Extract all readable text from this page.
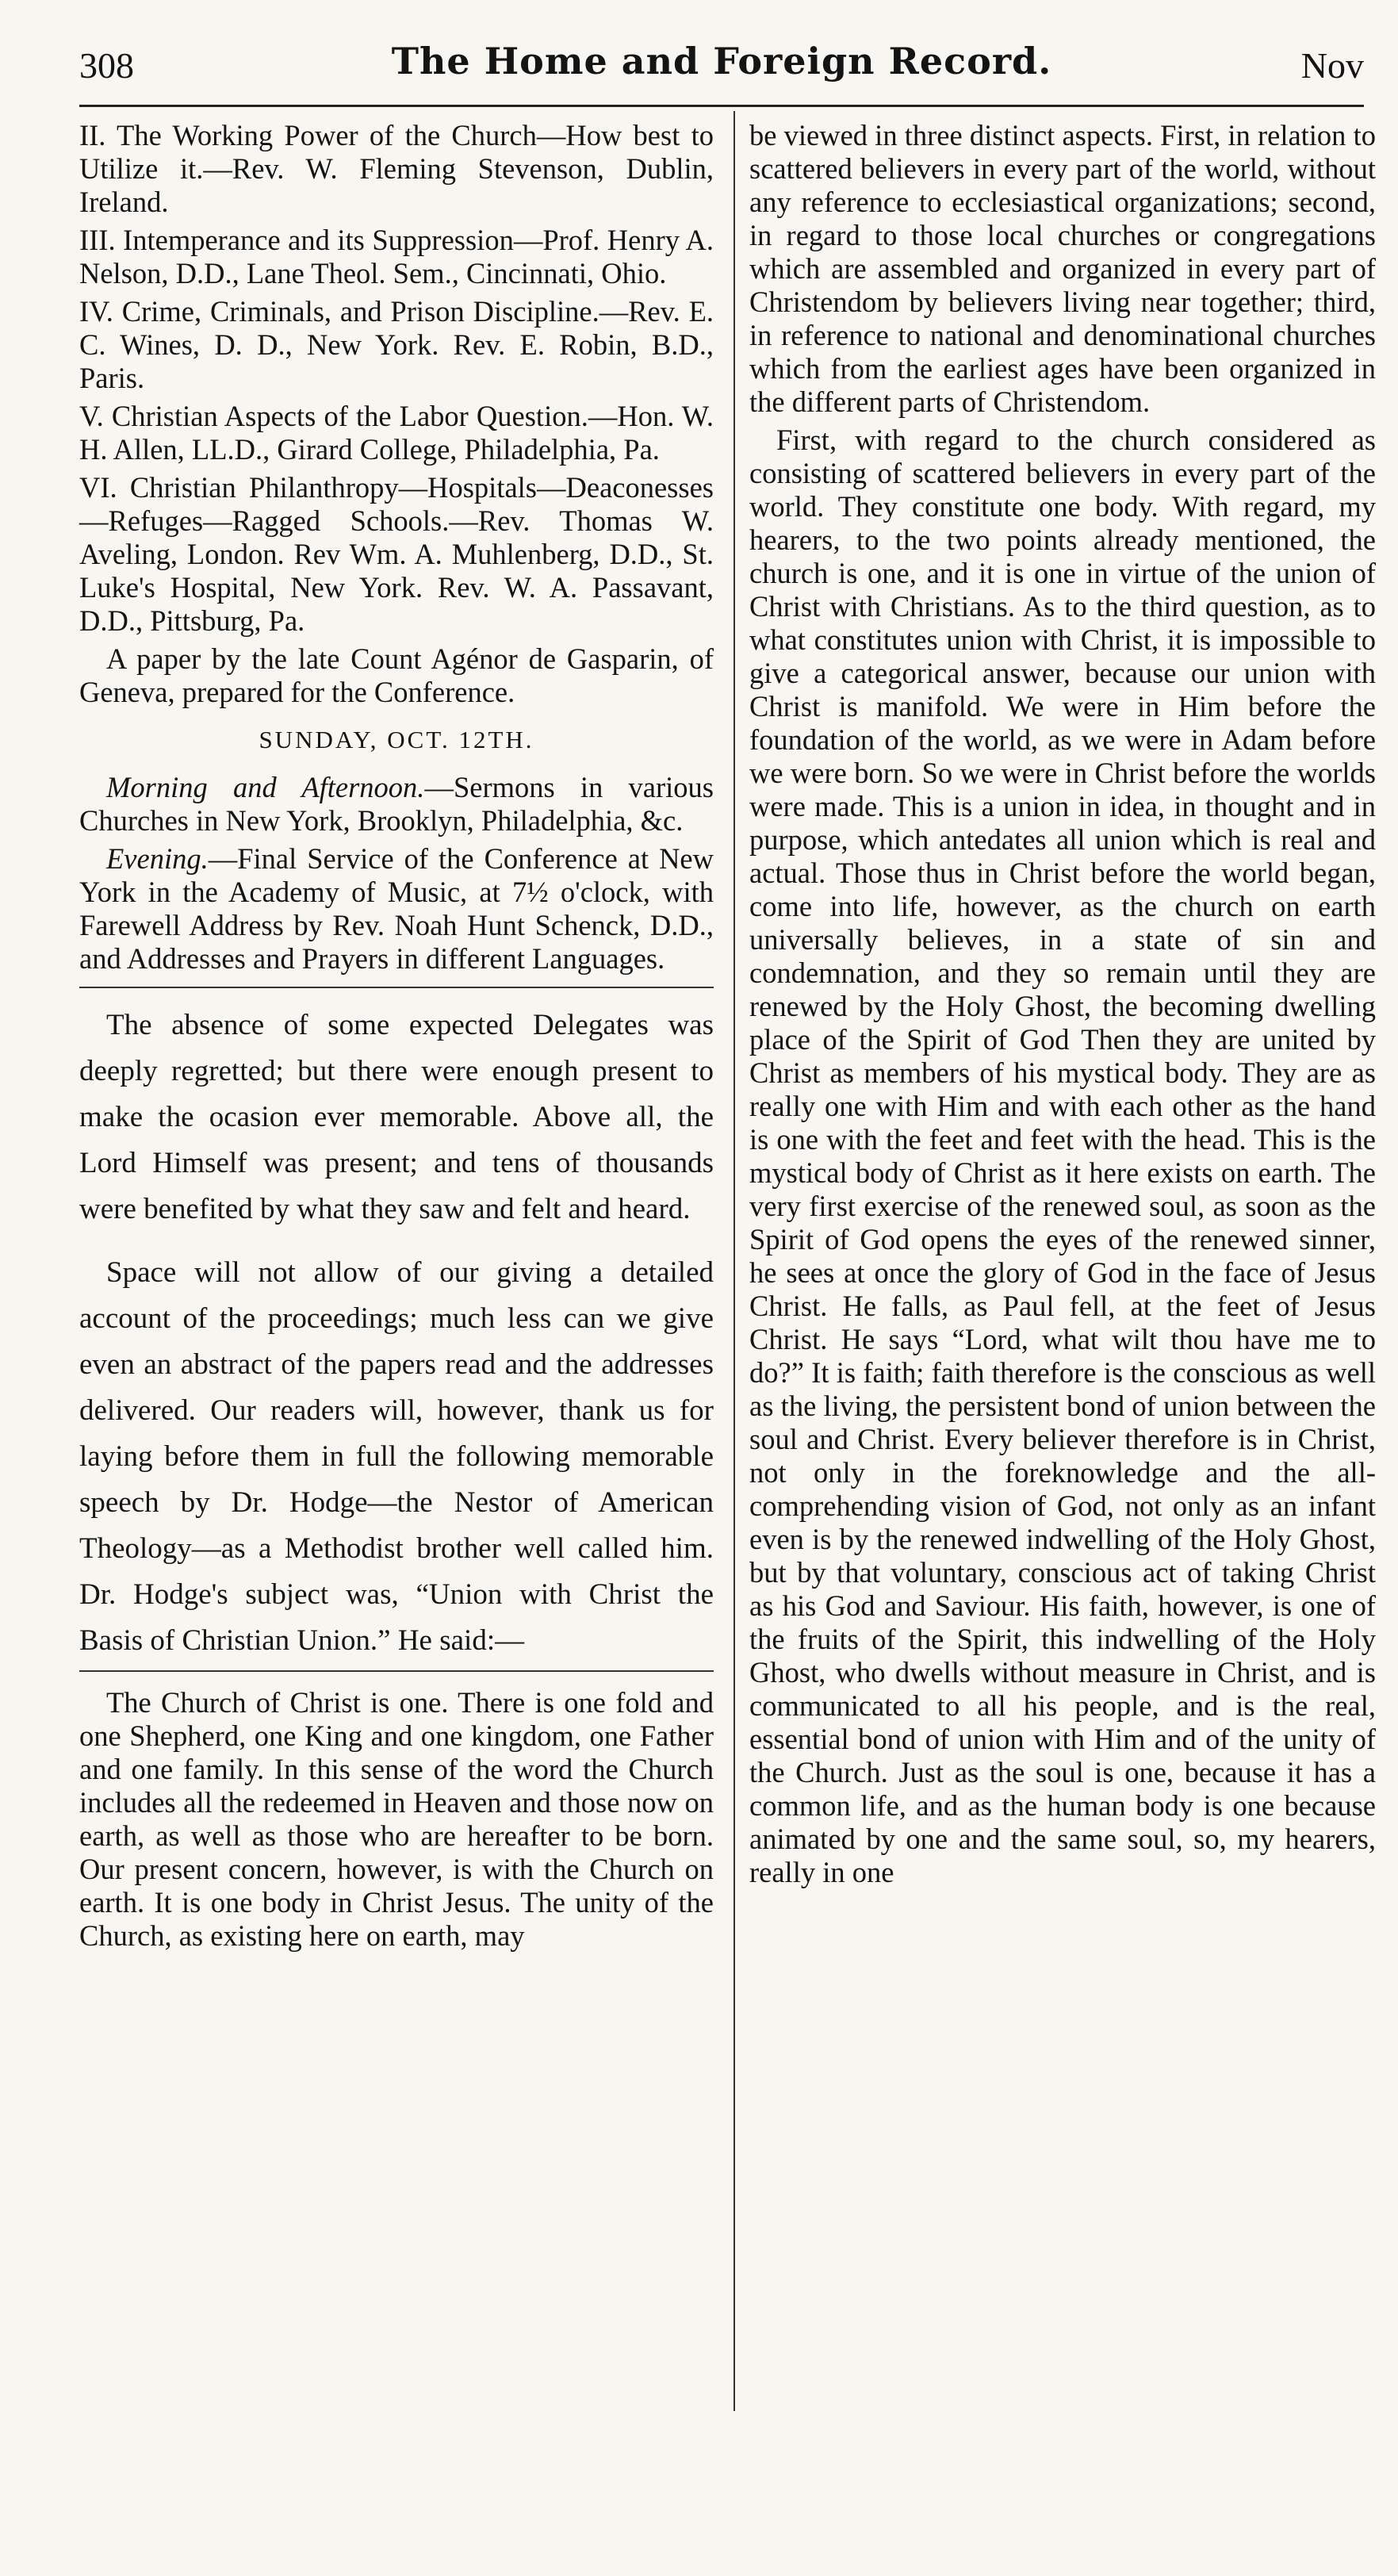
308	The Home and Foreign Record.	Nov

II. The Working Power of the Church—How best to Utilize it.—Rev. W. Fleming Stevenson, Dublin, Ireland.

III. Intemperance and its Suppression—Prof. Henry A. Nelson, D.D., Lane Theol. Sem., Cincinnati, Ohio.

IV. Crime, Criminals, and Prison Discipline.—Rev. E. C. Wines, D. D., New York. Rev. E. Robin, B.D., Paris.

V. Christian Aspects of the Labor Question.—Hon. W. H. Allen, LL.D., Girard College, Philadelphia, Pa.

VI. Christian Philanthropy—Hospitals—Deaconesses—Refuges—Ragged Schools.—Rev. Thomas W. Aveling, London. Rev Wm. A. Muhlenberg, D.D., St. Luke's Hospital, New York. Rev. W. A. Passavant, D.D., Pittsburg, Pa.

A paper by the late Count Agénor de Gasparin, of Geneva, prepared for the Conference.

SUNDAY, OCT. 12TH.

Morning and Afternoon.—Sermons in various Churches in New York, Brooklyn, Philadelphia, &c.

Evening.—Final Service of the Conference at New York in the Academy of Music, at 7½ o'clock, with Farewell Address by Rev. Noah Hunt Schenck, D.D., and Addresses and Prayers in different Languages.

The absence of some expected Delegates was deeply regretted; but there were enough present to make the ocasion ever memorable. Above all, the Lord Himself was present; and tens of thousands were benefited by what they saw and felt and heard.

Space will not allow of our giving a detailed account of the proceedings; much less can we give even an abstract of the papers read and the addresses delivered. Our readers will, however, thank us for laying before them in full the following memorable speech by Dr. Hodge—the Nestor of American Theology—as a Methodist brother well called him. Dr. Hodge's subject was, “Union with Christ the Basis of Christian Union.” He said:—

The Church of Christ is one. There is one fold and one Shepherd, one King and one kingdom, one Father and one family. In this sense of the word the Church includes all the redeemed in Heaven and those now on earth, as well as those who are hereafter to be born. Our present concern, however, is with the Church on earth. It is one body in Christ Jesus. The unity of the Church, as existing here on earth, may

be viewed in three distinct aspects. First, in relation to scattered believers in every part of the world, without any reference to ecclesiastical organizations; second, in regard to those local churches or congregations which are assembled and organized in every part of Christendom by believers living near together; third, in reference to national and denominational churches which from the earliest ages have been organized in the different parts of Christendom.

First, with regard to the church considered as consisting of scattered believers in every part of the world. They constitute one body. With regard, my hearers, to the two points already mentioned, the church is one, and it is one in virtue of the union of Christ with Christians. As to the third question, as to what constitutes union with Christ, it is impossible to give a categorical answer, because our union with Christ is manifold. We were in Him before the foundation of the world, as we were in Adam before we were born. So we were in Christ before the worlds were made. This is a union in idea, in thought and in purpose, which antedates all union which is real and actual. Those thus in Christ before the world began, come into life, however, as the church on earth universally believes, in a state of sin and condemnation, and they so remain until they are renewed by the Holy Ghost, the becoming dwelling place of the Spirit of God Then they are united by Christ as members of his mystical body. They are as really one with Him and with each other as the hand is one with the feet and feet with the head. This is the mystical body of Christ as it here exists on earth. The very first exercise of the renewed soul, as soon as the Spirit of God opens the eyes of the renewed sinner, he sees at once the glory of God in the face of Jesus Christ. He falls, as Paul fell, at the feet of Jesus Christ. He says “Lord, what wilt thou have me to do?” It is faith; faith therefore is the conscious as well as the living, the persistent bond of union between the soul and Christ. Every believer therefore is in Christ, not only in the foreknowledge and the all-comprehending vision of God, not only as an infant even is by the renewed indwelling of the Holy Ghost, but by that voluntary, conscious act of taking Christ as his God and Saviour. His faith, however, is one of the fruits of the Spirit, this indwelling of the Holy Ghost, who dwells without measure in Christ, and is communicated to all his people, and is the real, essential bond of union with Him and of the unity of the Church. Just as the soul is one, because it has a common life, and as the human body is one because animated by one and the same soul, so, my hearers, really in one
